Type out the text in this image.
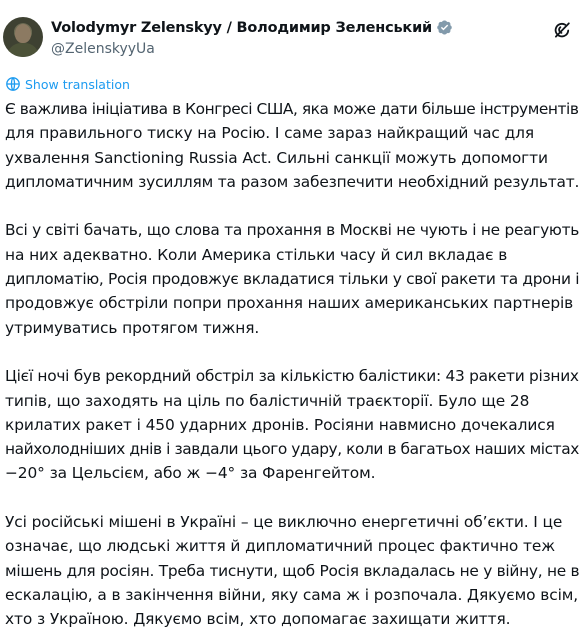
Volodymyr Zelenskyy / Володимир Зеленський
@ZelenskyyUa
Show translation

Є важлива ініціатива в Конгресі США, яка може дати більше інструментів
для правильного тиску на Росію. І саме зараз найкращий час для
ухвалення Sanctioning Russia Act. Сильні санкції можуть допомогти
дипломатичним зусиллям та разом забезпечити необхідний результат.

Всі у світі бачать, що слова та прохання в Москві не чують і не реагують
на них адекватно. Коли Америка стільки часу й сил вкладає в
дипломатію, Росія продовжує вкладатися тільки у свої ракети та дрони і
продовжує обстріли попри прохання наших американських партнерів
утримуватись протягом тижня.

Цієї ночі був рекордний обстріл за кількістю балістики: 43 ракети різних
типів, що заходять на ціль по балістичній траєкторії. Було ще 28
крилатих ракет і 450 ударних дронів. Росіяни навмисно дочекалися
найхолодніших днів і завдали цього удару, коли в багатьох наших містах
−20° за Цельсієм, або ж −4° за Фаренгейтом.

Усі російські мішені в Україні – це виключно енергетичні об’єкти. І це
означає, що людські життя й дипломатичний процес фактично теж
мішень для росіян. Треба тиснути, щоб Росія вкладалась не у війну, не в
ескалацію, а в закінчення війни, яку сама ж і розпочала. Дякуємо всім,
хто з Україною. Дякуємо всім, хто допомагає захищати життя.
